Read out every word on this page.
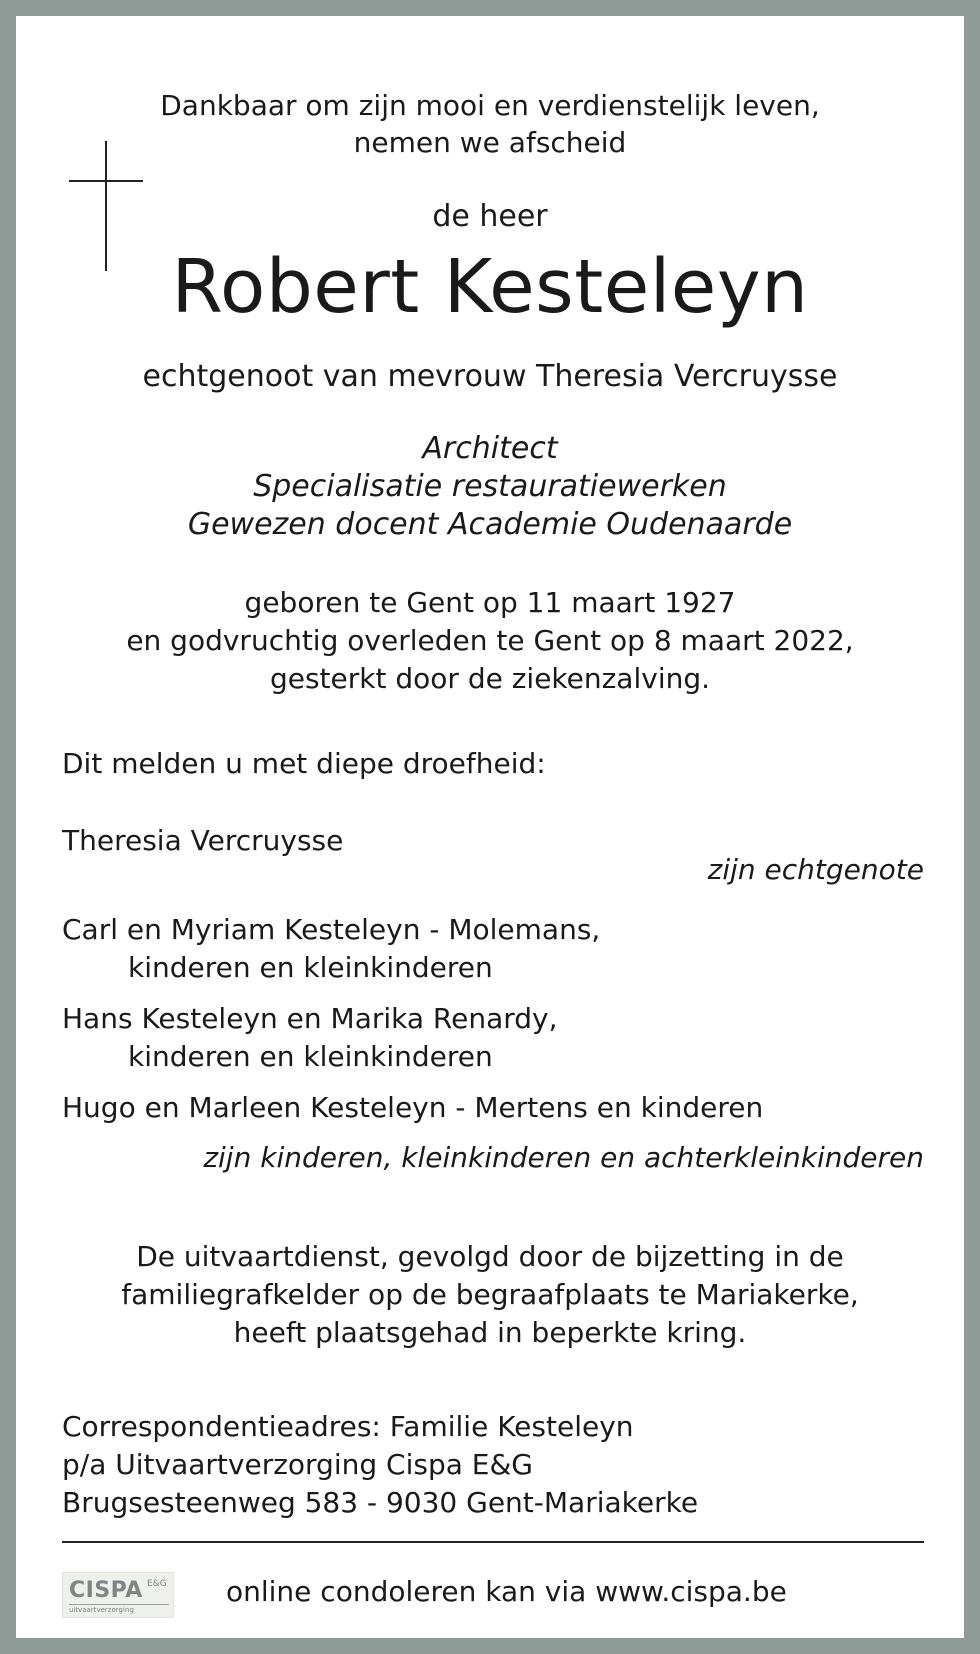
Dankbaar om zijn mooi en verdienstelijk leven,
nemen we afscheid
de heer
Robert Kesteleyn
echtgenoot van mevrouw Theresia Vercruysse
Architect
Specialisatie restauratiewerken
Gewezen docent Academie Oudenaarde
geboren te Gent op 11 maart 1927
en godvruchtig overleden te Gent op 8 maart 2022,
gesterkt door de ziekenzalving.
Dit melden u met diepe droefheid:
Theresia Vercruysse
zijn echtgenote
Carl en Myriam Kesteleyn - Molemans,
kinderen en kleinkinderen
Hans Kesteleyn en Marika Renardy,
kinderen en kleinkinderen
Hugo en Marleen Kesteleyn - Mertens en kinderen
zijn kinderen, kleinkinderen en achterkleinkinderen
De uitvaartdienst, gevolgd door de bijzetting in de
familiegrafkelder op de begraafplaats te Mariakerke,
heeft plaatsgehad in beperkte kring.
Correspondentieadres: Familie Kesteleyn
p/a Uitvaartverzorging Cispa E&G
Brugsesteenweg 583 - 9030 Gent-Mariakerke
CISPA E&G
uitvaartverzorging
online condoleren kan via www.cispa.be
